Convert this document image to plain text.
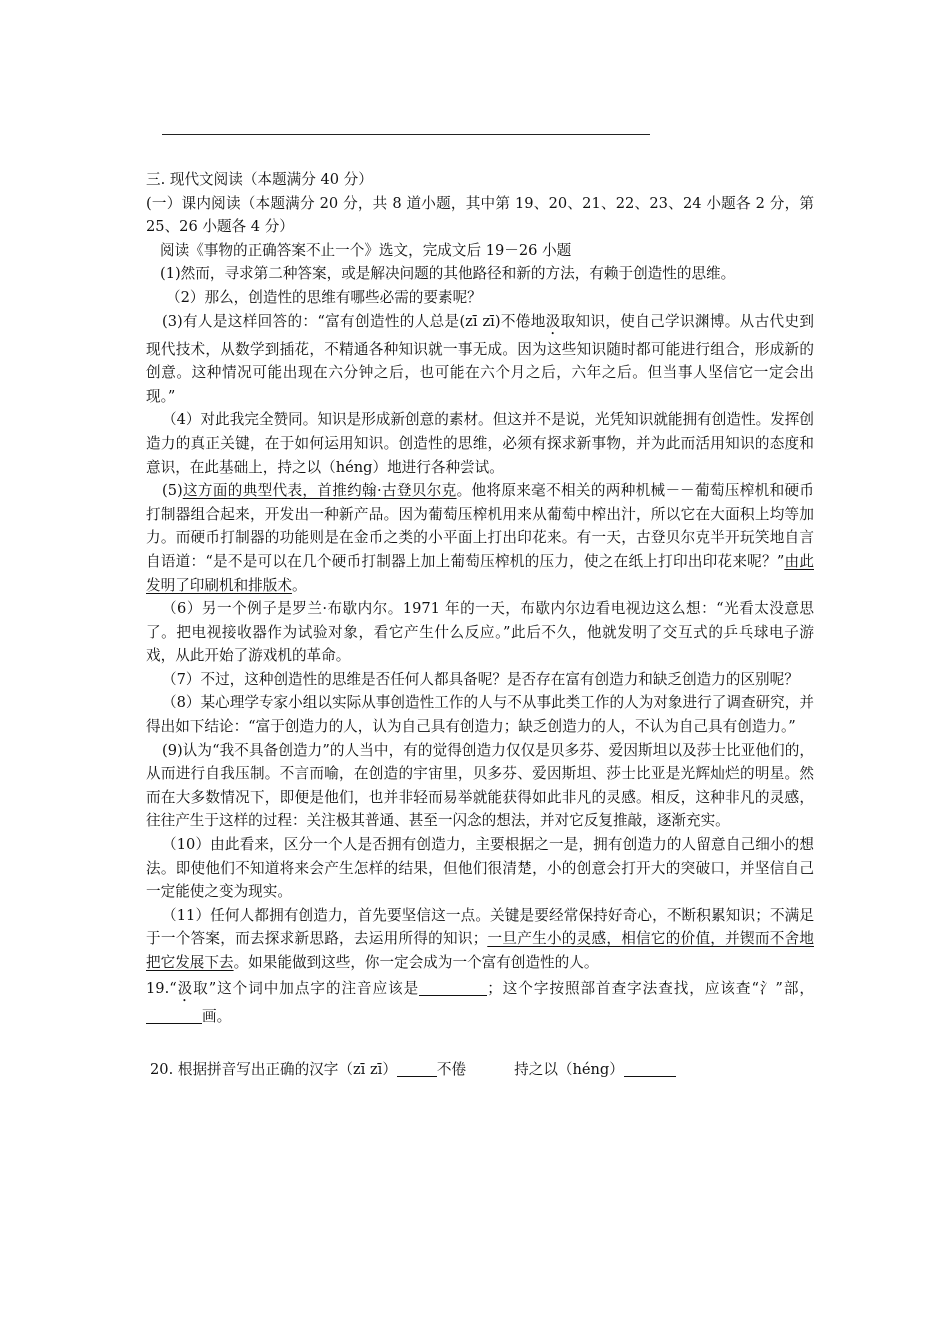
三. 现代文阅读（本题满分 40 分）

(一）课内阅读（本题满分 20 分，共 8 道小题，其中第 19、20、21、22、23、24 小题各 2 分，第 25、26 小题各 4 分）

阅读《事物的正确答案不止一个》选文，完成文后 19－26 小题

(1)然而，寻求第二种答案，或是解决问题的其他路径和新的方法，有赖于创造性的思维。

（2）那么，创造性的思维有哪些必需的要素呢？

(3)有人是这样回答的：“富有创造性的人总是(zī zī)不倦地汲取知识，使自己学识渊博。从古代史到现代技术，从数学到插花，不精通各种知识就一事无成。因为这些知识随时都可能进行组合，形成新的创意。这种情况可能出现在六分钟之后，也可能在六个月之后，六年之后。但当事人坚信它一定会出现。”

（4）对此我完全赞同。知识是形成新创意的素材。但这并不是说，光凭知识就能拥有创造性。发挥创造力的真正关键，在于如何运用知识。创造性的思维，必须有探求新事物，并为此而活用知识的态度和意识，在此基础上，持之以（héng）地进行各种尝试。

(5)这方面的典型代表，首推约翰·古登贝尔克。他将原来毫不相关的两种机械－－葡萄压榨机和硬币打制器组合起来，开发出一种新产品。因为葡萄压榨机用来从葡萄中榨出汁，所以它在大面积上均等加力。而硬币打制器的功能则是在金币之类的小平面上打出印花来。有一天，古登贝尔克半开玩笑地自言自语道：“是不是可以在几个硬币打制器上加上葡萄压榨机的压力，使之在纸上打印出印花来呢？”由此发明了印刷机和排版术。

（6）另一个例子是罗兰·布歇内尔。1971 年的一天，布歇内尔边看电视边这么想：“光看太没意思了。把电视接收器作为试验对象，看它产生什么反应。”此后不久，他就发明了交互式的乒乓球电子游戏，从此开始了游戏机的革命。

（7）不过，这种创造性的思维是否任何人都具备呢？是否存在富有创造力和缺乏创造力的区别呢？

（8）某心理学专家小组以实际从事创造性工作的人与不从事此类工作的人为对象进行了调查研究，并得出如下结论：“富于创造力的人，认为自己具有创造力；缺乏创造力的人，不认为自己具有创造力。”

(9)认为“我不具备创造力”的人当中，有的觉得创造力仅仅是贝多芬、爱因斯坦以及莎士比亚他们的，从而进行自我压制。不言而喻，在创造的宇宙里，贝多芬、爱因斯坦、莎士比亚是光辉灿烂的明星。然而在大多数情况下，即便是他们，也并非轻而易举就能获得如此非凡的灵感。相反，这种非凡的灵感，往往产生于这样的过程：关注极其普通、甚至一闪念的想法，并对它反复推敲，逐渐充实。

（10）由此看来，区分一个人是否拥有创造力，主要根据之一是，拥有创造力的人留意自己细小的想法。即使他们不知道将来会产生怎样的结果，但他们很清楚，小的创意会打开大的突破口，并坚信自己一定能使之变为现实。

（11）任何人都拥有创造力，首先要坚信这一点。关键是要经常保持好奇心，不断积累知识；不满足于一个答案，而去探求新思路，去运用所得的知识；一旦产生小的灵感，相信它的价值，并锲而不舍地把它发展下去。如果能做到这些，你一定会成为一个富有创造性的人。

19.“汲取”这个词中加点字的注音应该是	；这个字按照部首查字法查找，应该查“氵”部，画。

20. 根据拼音写出正确的汉字（zī zī）	不倦	持之以（héng）
